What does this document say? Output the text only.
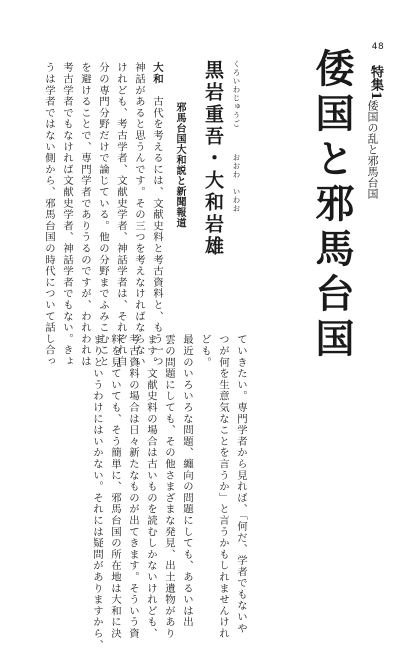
48

特集1

倭国の乱と邪馬台国

倭国と邪馬台国
くろいわじゅうご　　　おおわ　いわお
黒岩重吾・大和岩雄
邪馬台国大和説と新聞報道

大和　古代を考えるには、文献史料と考古資料と、もう一つ

神話があると思うんです。その三つを考えなければならない

けれども、考古学者、文献史学者、神話学者は、それぞれ自

分の専門分野だけで論じている。他の分野までふみこむこと

を避けることで、専門学者でありうるのですが、われわれは

考古学者でもなければ文献史学者、神話学者でもない。きょ

うは学者ではない側から、邪馬台国の時代について話し合っ

ていきたい。専門学者から見れば、「何だ、学者でもないや

つが何を生意気なことを言うか」と言うかもしれませんけれ

ども。

最近のいろいろな問題、纏向の問題にしても、あるいは出

雲の問題にしても、その他さまざまな発見、出土遺物があり

ます。文献史料の場合は古いものを読むしかないけれども、

考古資料の場合は日々新たなものが出てきます。そういう資

料を見ていても、そう簡単に、邪馬台国の所在地は大和に決

まりというわけにはいかない。それには疑問がありますから、
